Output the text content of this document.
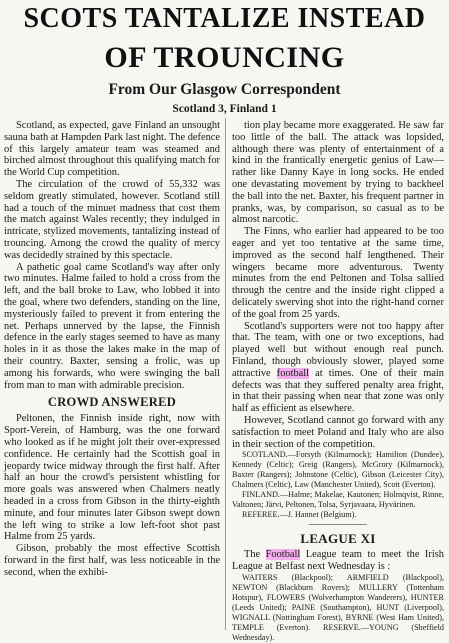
SCOTS TANTALIZE INSTEAD
OF TROUNCING
From Our Glasgow Correspondent
Scotland 3, Finland 1

Scotland, as expected, gave Finland an unsought sauna bath at Hampden Park last night. The defence of this largely amateur team was steamed and birched almost throughout this qualifying match for the World Cup competition.

The circulation of the crowd of 55,332 was seldom greatly stimulated, however. Scotland still had a touch of the minuet madness that cost them the match against Wales recently; they indulged in intricate, stylized movements, tantalizing instead of trouncing. Among the crowd the quality of mercy was decidedly strained by this spectacle.

A pathetic goal came Scotland's way after only two minutes. Halme failed to hold a cross from the left, and the ball broke to Law, who lobbed it into the goal, where two defenders, standing on the line, mysteriously failed to prevent it from entering the net. Perhaps unnerved by the lapse, the Finnish defence in the early stages seemed to have as many holes in it as those the lakes make in the map of their country. Baxter, sensing a frolic, was up among his forwards, who were swinging the ball from man to man with admirable precision.

CROWD ANSWERED

Peltonen, the Finnish inside right, now with Sport-Verein, of Hamburg, was the one forward who looked as if he might jolt their over-expressed confidence. He certainly had the Scottish goal in jeopardy twice midway through the first half. After half an hour the crowd's persistent whistling for more goals was answered when Chalmers neatly headed in a cross from Gibson in the thirty-eighth minute, and four minutes later Gibson swept down the left wing to strike a low left-foot shot past Halme from 25 yards.

Gibson, probably the most effective Scottish forward in the first half, was less noticeable in the second, when the exhibi-

tion play became more exaggerated. He saw far too little of the ball. The attack was lopsided, although there was plenty of entertainment of a kind in the frantically energetic genius of Law—rather like Danny Kaye in long socks. He ended one devastating movement by trying to backheel the ball into the net. Baxter, his frequent partner in pranks, was, by comparison, so casual as to be almost narcotic.

The Finns, who earlier had appeared to be too eager and yet too tentative at the same time, improved as the second half lengthened. Their wingers became more adventurous. Twenty minutes from the end Peltonen and Tolsa sallied through the centre and the inside right clipped a delicately swerving shot into the right-hand corner of the goal from 25 yards.

Scotland's supporters were not too happy after that. The team, with one or two exceptions, had played well but without enough real punch. Finland, though obviously slower, played some attractive football at times. One of their main defects was that they suffered penalty area fright, in that their passing when near that zone was only half as efficient as elsewhere.

However, Scotland cannot go forward with any satisfaction to meet Poland and Italy who are also in their section of the competition.

SCOTLAND.—Forsyth (Kilmarnock); Hamilton (Dundee), Kennedy (Celtic); Greig (Rangers), McGrory (Kilmarnock), Baxter (Rangers); Johnstone (Celtic), Gibson (Leicester City), Chalmers (Celtic), Law (Manchester United), Scott (Everton).

FINLAND.—Halme; Makelae, Kautonen; Holmqvist, Rinne, Valtonen; Järvi, Peltonen, Tolsa, Syrjavaara, Hyvärinen.

REFEREE.—J. Hannet (Belgium).

LEAGUE XI

The Football League team to meet the Irish League at Belfast next Wednesday is :

WAITERS (Blackpool); ARMFIELD (Blackpool), NEWTON (Blackburn Rovers); MULLERY (Tottenham Hotspur), FLOWERS (Wolverhampton Wanderers), HUNTER (Leeds United); PAINE (Southampton), HUNT (Liverpool), WIGNALL (Nottingham Forest), BYRNE (West Ham United), TEMPLE (Everton). RESERVE.—YOUNG (Sheffield Wednesday).
